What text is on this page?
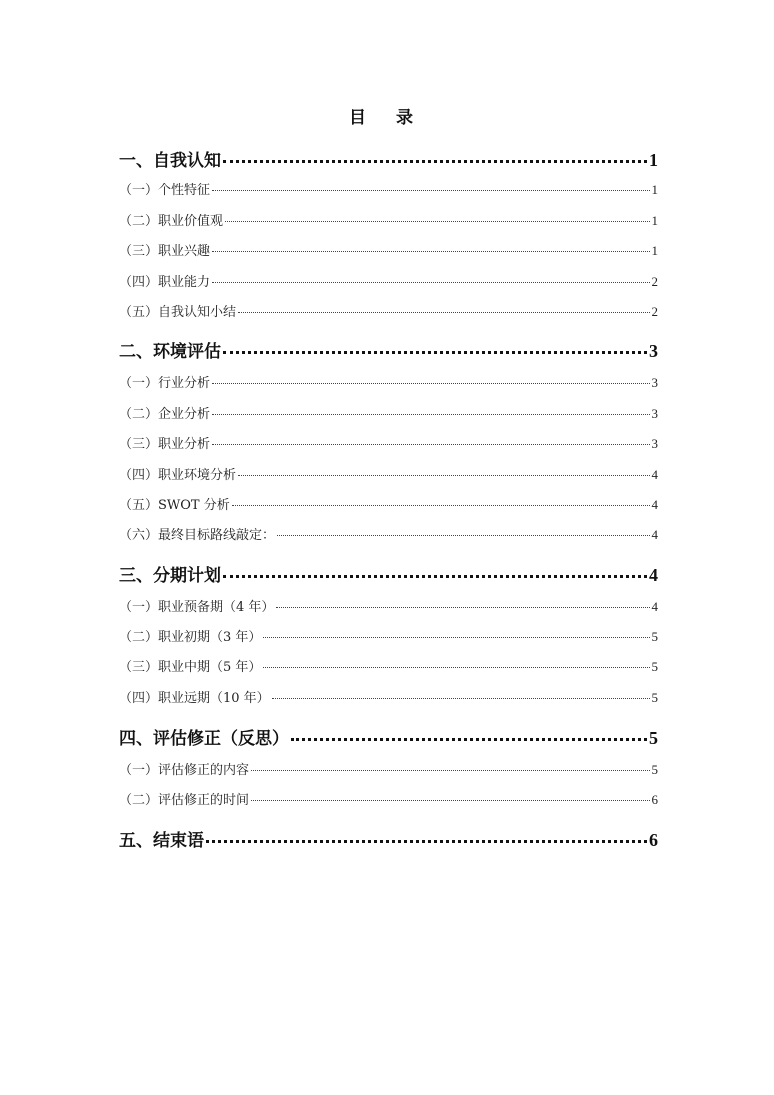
目 录
一、自我认知	1
（一）个性特征	1
（二）职业价值观	1
（三）职业兴趣	1
（四）职业能力	2
（五）自我认知小结	2
二、环境评估	3
（一）行业分析	3
（二）企业分析	3
（三）职业分析	3
（四）职业环境分析	4
（五）SWOT 分析	4
（六）最终目标路线敲定：	4
三、分期计划	4
（一）职业预备期（4 年）	4
（二）职业初期（3 年）	5
（三）职业中期（5 年）	5
（四）职业远期（10 年）	5
四、评估修正（反思）	5
（一）评估修正的内容	5
（二）评估修正的时间	6
五、结束语	6
